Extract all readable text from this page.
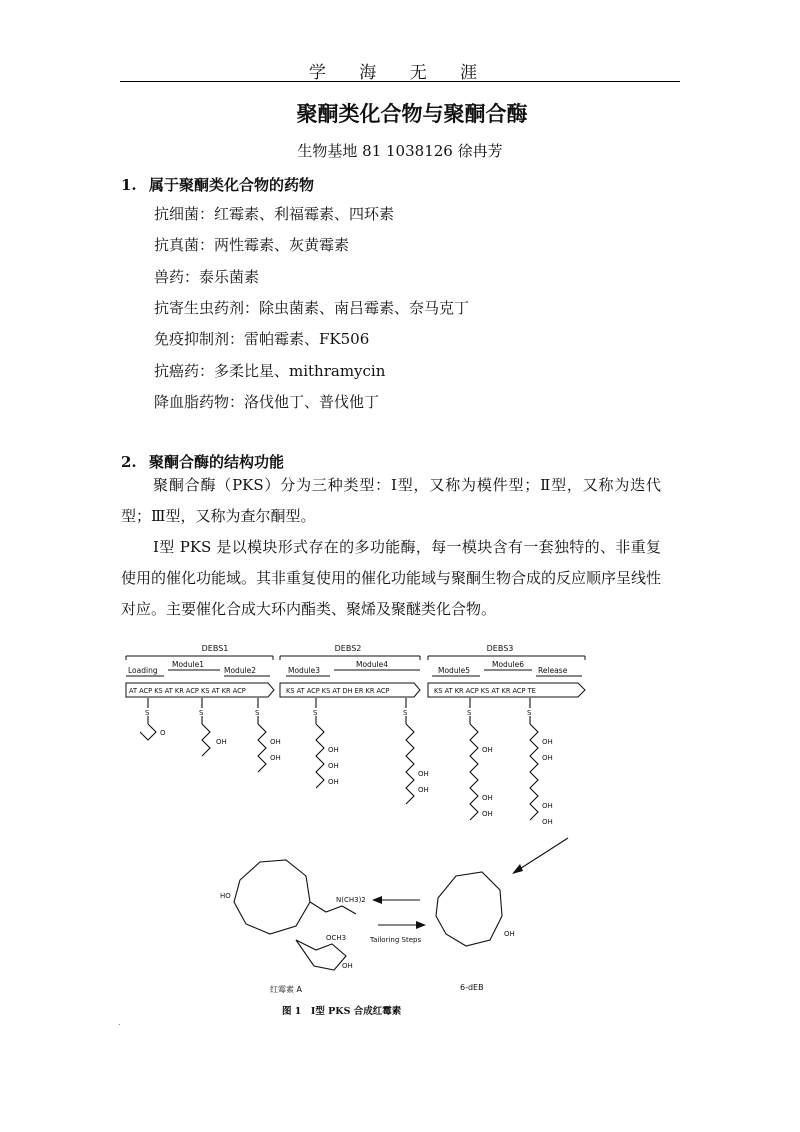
学 海 无 涯
聚酮类化合物与聚酮合酶
生物基地 81 1038126 徐冉芳
1. 属于聚酮类化合物的药物
抗细菌：红霉素、利福霉素、四环素
抗真菌：两性霉素、灰黄霉素
兽药：泰乐菌素
抗寄生虫药剂：除虫菌素、南吕霉素、奈马克丁
免疫抑制剂：雷帕霉素、FK506
抗癌药：多柔比星、mithramycin
降血脂药物：洛伐他丁、普伐他丁
2. 聚酮合酶的结构功能
聚酮合酶（PKS）分为三种类型：Ⅰ型，又称为模件型；Ⅱ型，又称为迭代型；Ⅲ型，又称为查尔酮型。
Ⅰ型 PKS 是以模块形式存在的多功能酶，每一模块含有一套独特的、非重复使用的催化功能域。其非重复使用的催化功能域与聚酮生物合成的反应顺序呈线性对应。主要催化合成大环内酯类、聚烯及聚醚类化合物。
DEBS1	DEBS2	DEBS3
Loading
Module1
Module2	Module3
Module4
Module5
Module6
Release
AT ACP KS AT KR ACP KS AT KR ACP	KS AT ACP KS AT DH ER KR ACP	KS AT KR ACP KS AT KR ACP TE
S	S	S	S	S	S	S
O
OH	OH
OH
OH
OH
OH
OH
OH
OH
OH
OH
OH
OH
OH
OH
HO	N(CH3)2
OCH3
OH
红霉素 A
Tailoring Steps
OH
6-dEB
图 1　Ⅰ型 PKS 合成红霉素
.
